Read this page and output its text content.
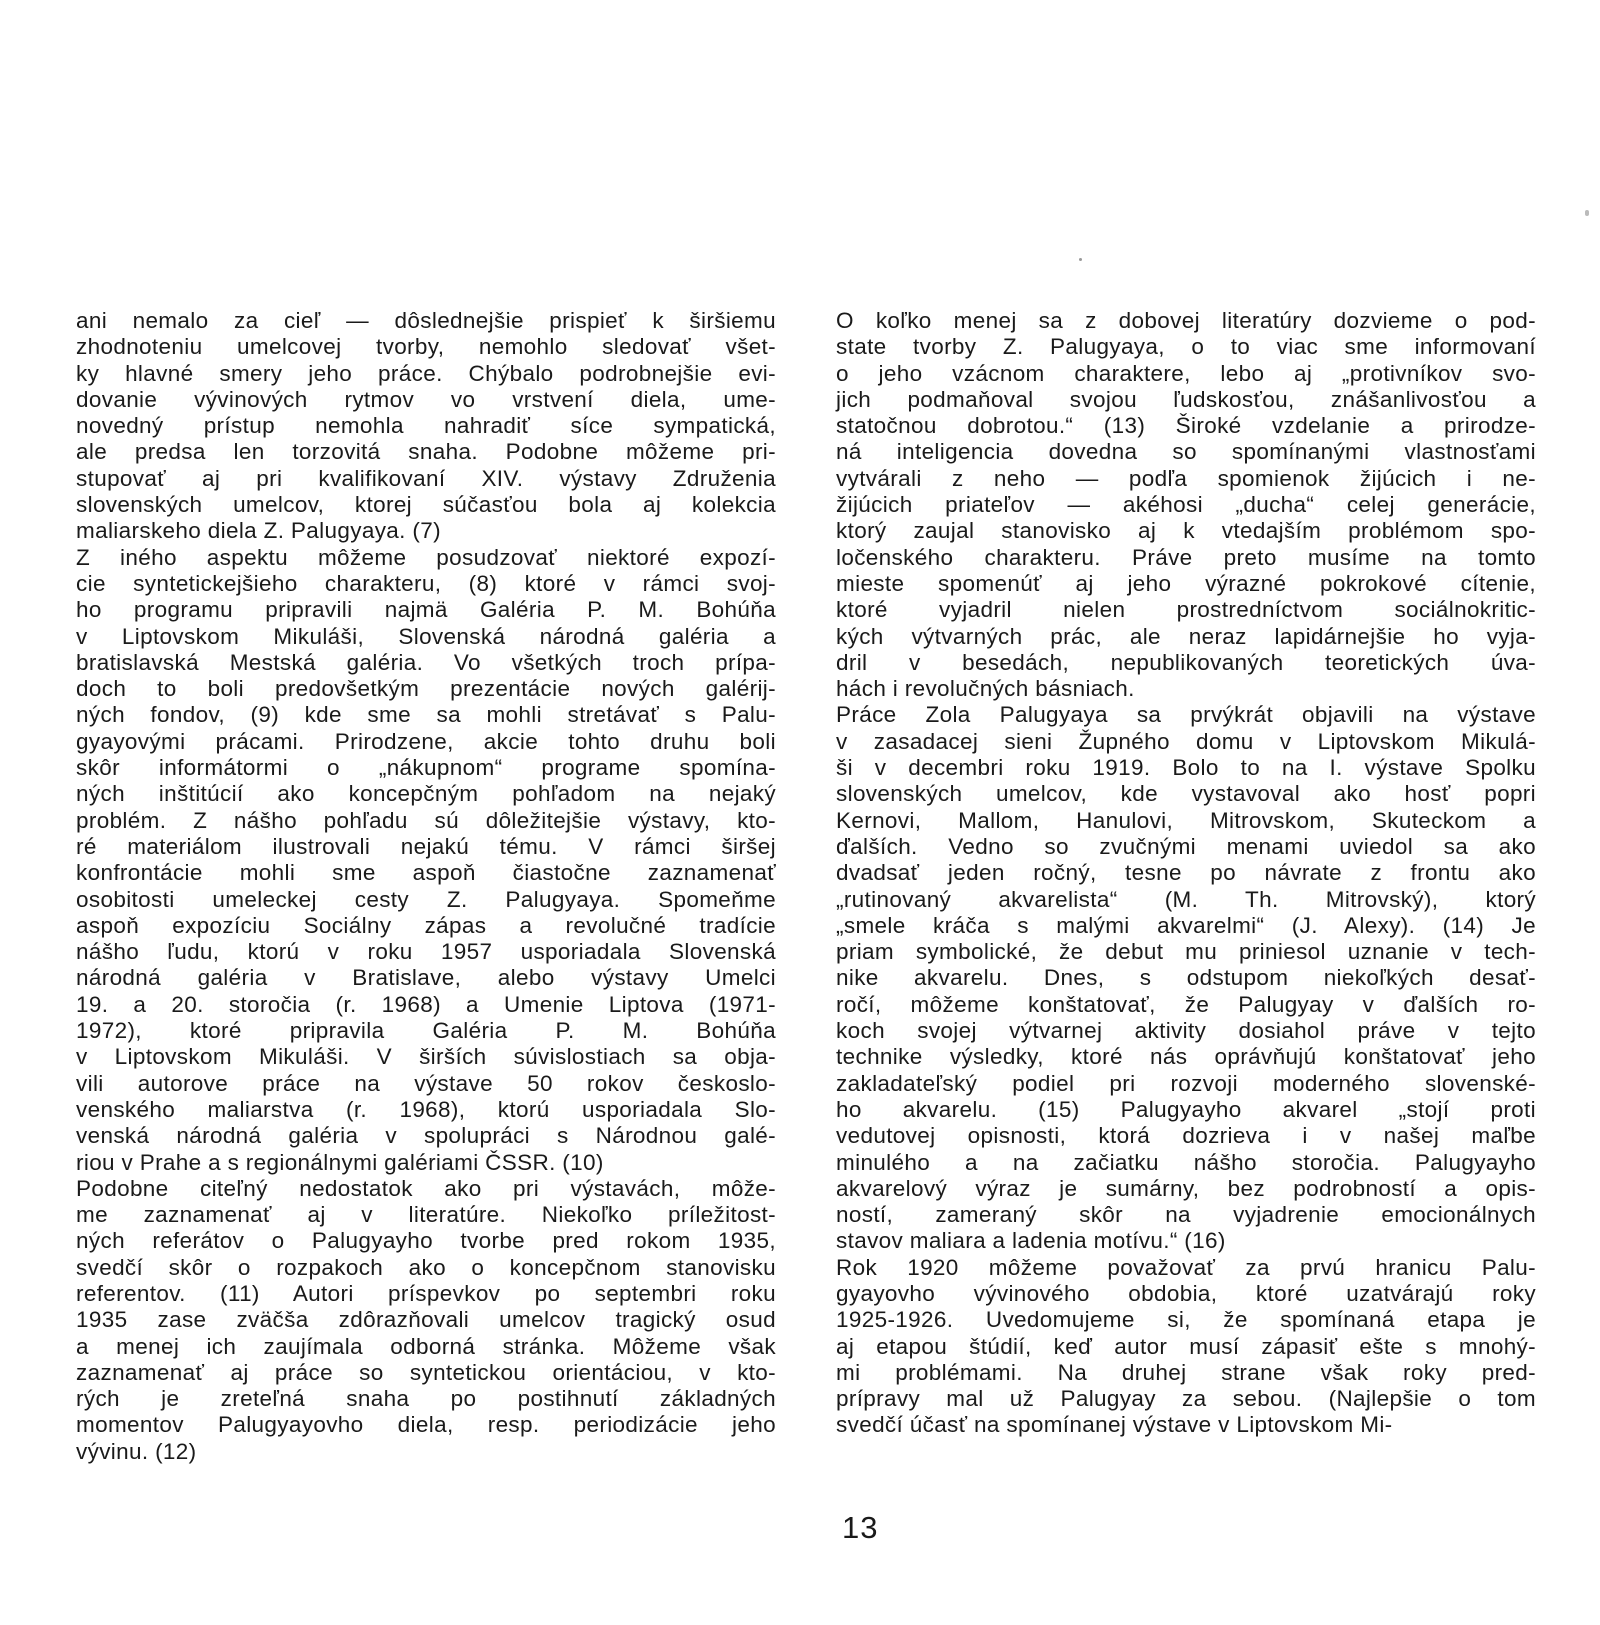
ani nemalo za cieľ — dôslednejšie prispieť k širšiemu
zhodnoteniu umelcovej tvorby, nemohlo sledovať všet-
ky hlavné smery jeho práce. Chýbalo podrobnejšie evi-
dovanie vývinových rytmov vo vrstvení diela, ume-
novedný prístup nemohla nahradiť síce sympatická,
ale predsa len torzovitá snaha. Podobne môžeme pri-
stupovať aj pri kvalifikovaní XIV. výstavy Združenia
slovenských umelcov, ktorej súčasťou bola aj kolekcia
maliarskeho diela Z. Palugyaya. (7)
Z iného aspektu môžeme posudzovať niektoré expozí-
cie syntetickejšieho charakteru, (8) ktoré v rámci svoj-
ho programu pripravili najmä Galéria P. M. Bohúňa
v Liptovskom Mikuláši, Slovenská národná galéria a
bratislavská Mestská galéria. Vo všetkých troch prípa-
doch to boli predovšetkým prezentácie nových galérij-
ných fondov, (9) kde sme sa mohli stretávať s Palu-
gyayovými prácami. Prirodzene, akcie tohto druhu boli
skôr informátormi o „nákupnom“ programe spomína-
ných inštitúcií ako koncepčným pohľadom na nejaký
problém. Z nášho pohľadu sú dôležitejšie výstavy, kto-
ré materiálom ilustrovali nejakú tému. V rámci širšej
konfrontácie mohli sme aspoň čiastočne zaznamenať
osobitosti umeleckej cesty Z. Palugyaya. Spomeňme
aspoň expozíciu Sociálny zápas a revolučné tradície
nášho ľudu, ktorú v roku 1957 usporiadala Slovenská
národná galéria v Bratislave, alebo výstavy Umelci
19. a 20. storočia (r. 1968) a Umenie Liptova (1971-
1972), ktoré pripravila Galéria P. M. Bohúňa
v Liptovskom Mikuláši. V širších súvislostiach sa obja-
vili autorove práce na výstave 50 rokov českoslo-
venského maliarstva (r. 1968), ktorú usporiadala Slo-
venská národná galéria v spolupráci s Národnou galé-
riou v Prahe a s regionálnymi galériami ČSSR. (10)
Podobne citeľný nedostatok ako pri výstavách, môže-
me zaznamenať aj v literatúre. Niekoľko príležitost-
ných referátov o Palugyayho tvorbe pred rokom 1935,
svedčí skôr o rozpakoch ako o koncepčnom stanovisku
referentov. (11) Autori príspevkov po septembri roku
1935 zase zväčša zdôrazňovali umelcov tragický osud
a menej ich zaujímala odborná stránka. Môžeme však
zaznamenať aj práce so syntetickou orientáciou, v kto-
rých je zreteľná snaha po postihnutí základných
momentov Palugyayovho diela, resp. periodizácie jeho
vývinu. (12)
O koľko menej sa z dobovej literatúry dozvieme o pod-
state tvorby Z. Palugyaya, o to viac sme informovaní
o jeho vzácnom charaktere, lebo aj „protivníkov svo-
jich podmaňoval svojou ľudskosťou, znášanlivosťou a
statočnou dobrotou.“ (13) Široké vzdelanie a prirodze-
ná inteligencia dovedna so spomínanými vlastnosťami
vytvárali z neho — podľa spomienok žijúcich i ne-
žijúcich priateľov — akéhosi „ducha“ celej generácie,
ktorý zaujal stanovisko aj k vtedajším problémom spo-
ločenského charakteru. Práve preto musíme na tomto
mieste spomenúť aj jeho výrazné pokrokové cítenie,
ktoré vyjadril nielen prostredníctvom sociálnokritic-
kých výtvarných prác, ale neraz lapidárnejšie ho vyja-
dril v besedách, nepublikovaných teoretických úva-
hách i revolučných básniach.
Práce Zola Palugyaya sa prvýkrát objavili na výstave
v zasadacej sieni Župného domu v Liptovskom Mikulá-
ši v decembri roku 1919. Bolo to na I. výstave Spolku
slovenských umelcov, kde vystavoval ako hosť popri
Kernovi, Mallom, Hanulovi, Mitrovskom, Skuteckom a
ďalších. Vedno so zvučnými menami uviedol sa ako
dvadsať jeden ročný, tesne po návrate z frontu ako
„rutinovaný akvarelista“ (M. Th. Mitrovský), ktorý
„smele kráča s malými akvarelmi“ (J. Alexy). (14) Je
priam symbolické, že debut mu priniesol uznanie v tech-
nike akvarelu. Dnes, s odstupom niekoľkých desať-
ročí, môžeme konštatovať, že Palugyay v ďalších ro-
koch svojej výtvarnej aktivity dosiahol práve v tejto
technike výsledky, ktoré nás oprávňujú konštatovať jeho
zakladateľský podiel pri rozvoji moderného slovenské-
ho akvarelu. (15) Palugyayho akvarel „stojí proti
vedutovej opisnosti, ktorá dozrieva i v našej maľbe
minulého a na začiatku nášho storočia. Palugyayho
akvarelový výraz je sumárny, bez podrobností a opis-
ností, zameraný skôr na vyjadrenie emocionálnych
stavov maliara a ladenia motívu.“ (16)
Rok 1920 môžeme považovať za prvú hranicu Palu-
gyayovho vývinového obdobia, ktoré uzatvárajú roky
1925-1926. Uvedomujeme si, že spomínaná etapa je
aj etapou štúdií, keď autor musí zápasiť ešte s mnohý-
mi problémami. Na druhej strane však roky pred-
prípravy mal už Palugyay za sebou. (Najlepšie o tom
svedčí účasť na spomínanej výstave v Liptovskom Mi-
13
